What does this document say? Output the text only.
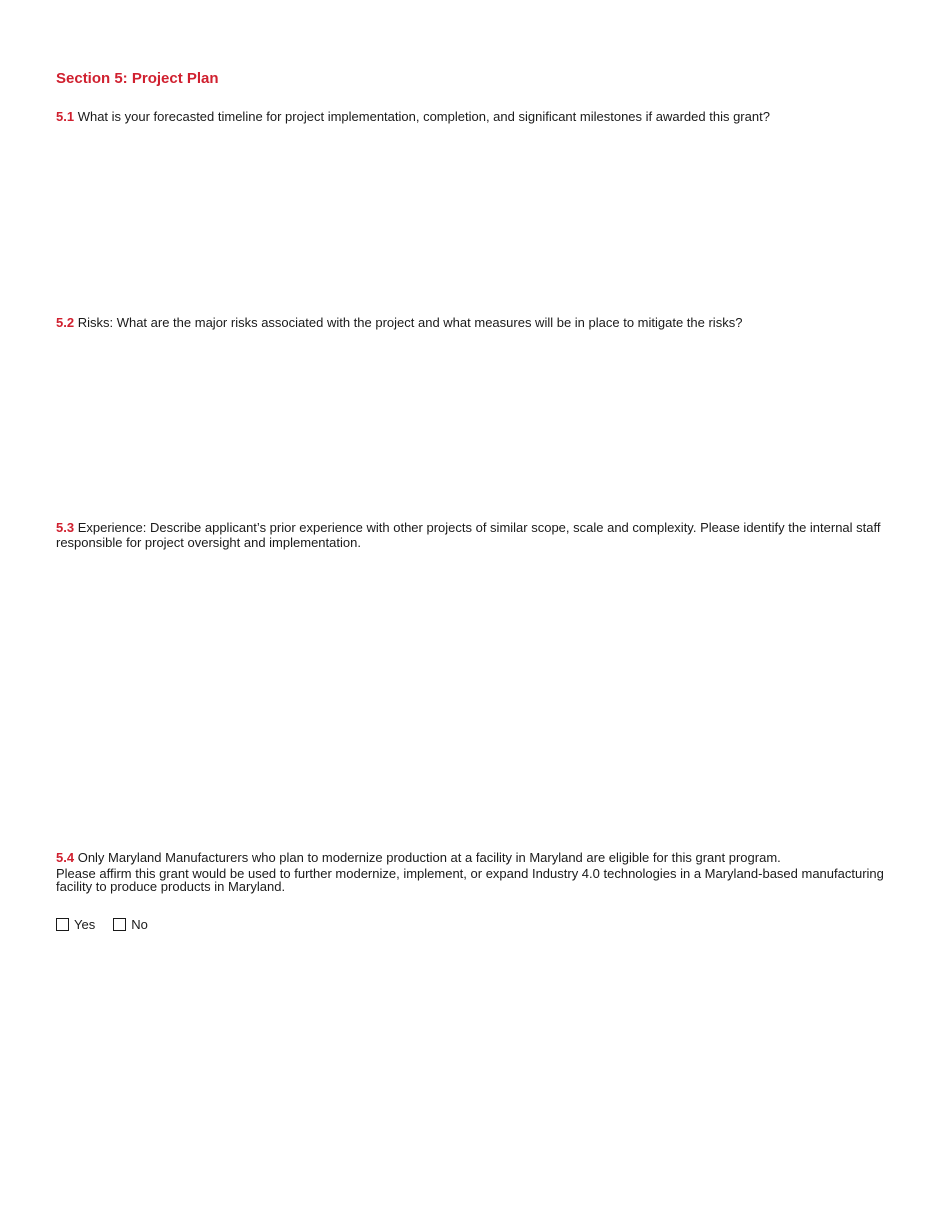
Section 5: Project Plan
5.1 What is your forecasted timeline for project implementation, completion, and significant milestones if awarded this grant?
5.2 Risks: What are the major risks associated with the project and what measures will be in place to mitigate the risks?
5.3 Experience: Describe applicant’s prior experience with other projects of similar scope, scale and complexity. Please identify the internal staff responsible for project oversight and implementation.
5.4 Only Maryland Manufacturers who plan to modernize production at a facility in Maryland are eligible for this grant program.
Please affirm this grant would be used to further modernize, implement, or expand Industry 4.0 technologies in a Maryland-based manufacturing facility to produce products in Maryland.
Yes	No
